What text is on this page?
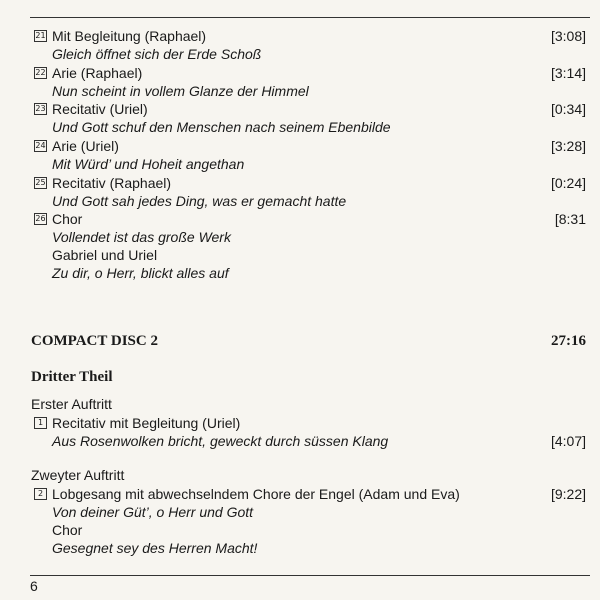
21 Mit Begleitung (Raphael)	[3:08]
Gleich öffnet sich der Erde Schoß
22 Arie (Raphael)	[3:14]
Nun scheint in vollem Glanze der Himmel
23 Recitativ (Uriel)	[0:34]
Und Gott schuf den Menschen nach seinem Ebenbilde
24 Arie (Uriel)	[3:28]
Mit Würd’ und Hoheit angethan
25 Recitativ (Raphael)	[0:24]
Und Gott sah jedes Ding, was er gemacht hatte
26 Chor	[8:31
Vollendet ist das große Werk
Gabriel und Uriel
Zu dir, o Herr, blickt alles auf
COMPACT DISC 2	27:16
Dritter Theil
Erster Auftritt
1 Recitativ mit Begleitung (Uriel)
Aus Rosenwolken bricht, geweckt durch süssen Klang	[4:07]
Zweyter Auftritt
2 Lobgesang mit abwechselndem Chore der Engel (Adam und Eva)	[9:22]
Von deiner Güt’, o Herr und Gott
Chor
Gesegnet sey des Herren Macht!
6
